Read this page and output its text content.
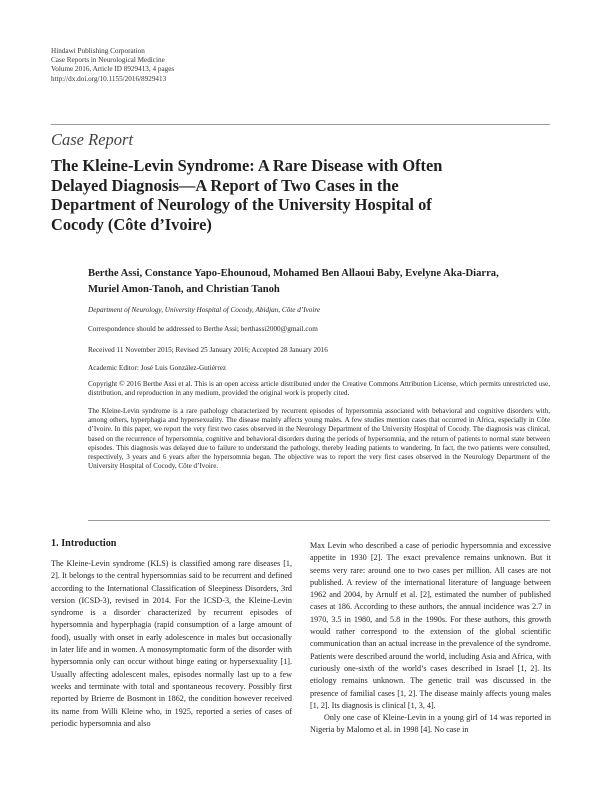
Hindawi Publishing Corporation
Case Reports in Neurological Medicine
Volume 2016, Article ID 8929413, 4 pages
http://dx.doi.org/10.1155/2016/8929413
Case Report
The Kleine-Levin Syndrome: A Rare Disease with Often Delayed Diagnosis—A Report of Two Cases in the Department of Neurology of the University Hospital of Cocody (Côte d’Ivoire)
Berthe Assi, Constance Yapo-Ehounoud, Mohamed Ben Allaoui Baby, Evelyne Aka-Diarra, Muriel Amon-Tanoh, and Christian Tanoh
Department of Neurology, University Hospital of Cocody, Abidjan, Côte d’Ivoire
Correspondence should be addressed to Berthe Assi; berthassi2000@gmail.com
Received 11 November 2015; Revised 25 January 2016; Accepted 28 January 2016
Academic Editor: José Luis González-Gutiérrez
Copyright © 2016 Berthe Assi et al. This is an open access article distributed under the Creative Commons Attribution License, which permits unrestricted use, distribution, and reproduction in any medium, provided the original work is properly cited.
The Kleine-Levin syndrome is a rare pathology characterized by recurrent episodes of hypersomnia associated with behavioral and cognitive disorders with, among others, hyperphagia and hypersexuality. The disease mainly affects young males. A few studies mention cases that occurred in Africa, especially in Côte d’Ivoire. In this paper, we report the very first two cases observed in the Neurology Department of the University Hospital of Cocody. The diagnosis was clinical, based on the recurrence of hypersomnia, cognitive and behavioral disorders during the periods of hypersomnia, and the return of patients to normal state between episodes. This diagnosis was delayed due to failure to understand the pathology, thereby leading patients to wandering. In fact, the two patients were consulted, respectively, 3 years and 6 years after the hypersomnia began. The objective was to report the very first cases observed in the Neurology Department of the University Hospital of Cocody, Côte d’Ivoire.
1. Introduction

The Kleine-Levin syndrome (KLS) is classified among rare diseases [1, 2]. It belongs to the central hypersomnias said to be recurrent and defined according to the International Classification of Sleepiness Disorders, 3rd version (ICSD-3), revised in 2014. For the ICSD-3, the Kleine-Levin syndrome is a disorder characterized by recurrent episodes of hypersomnia and hyperphagia (rapid consumption of a large amount of food), usually with onset in early adolescence in males but occasionally in later life and in women. A monosymptomatic form of the disorder with hypersomnia only can occur without binge eating or hypersexuality [1]. Usually affecting adolescent males, episodes normally last up to a few weeks and terminate with total and spontaneous recovery. Possibly first reported by Brierre de Bosmont in 1862, the condition however received its name from Willi Kleine who, in 1925, reported a series of cases of periodic hypersomnia and also

Max Levin who described a case of periodic hypersomnia and excessive appetite in 1930 [2]. The exact prevalence remains unknown. But it seems very rare: around one to two cases per million. All cases are not published. A review of the international literature of language between 1962 and 2004, by Arnulf et al. [2], estimated the number of published cases at 186. According to these authors, the annual incidence was 2.7 in 1970, 3.5 in 1980, and 5.8 in the 1990s. For these authors, this growth would rather correspond to the extension of the global scientific communication than an actual increase in the prevalence of the syndrome. Patients were described around the world, including Asia and Africa, with curiously one-sixth of the world’s cases described in Israel [1, 2]. Its etiology remains unknown. The genetic trail was discussed in the presence of familial cases [1, 2]. The disease mainly affects young males [1, 2]. Its diagnosis is clinical [1, 3, 4].

Only one case of Kleine-Levin in a young girl of 14 was reported in Nigeria by Malomo et al. in 1998 [4]. No case in
